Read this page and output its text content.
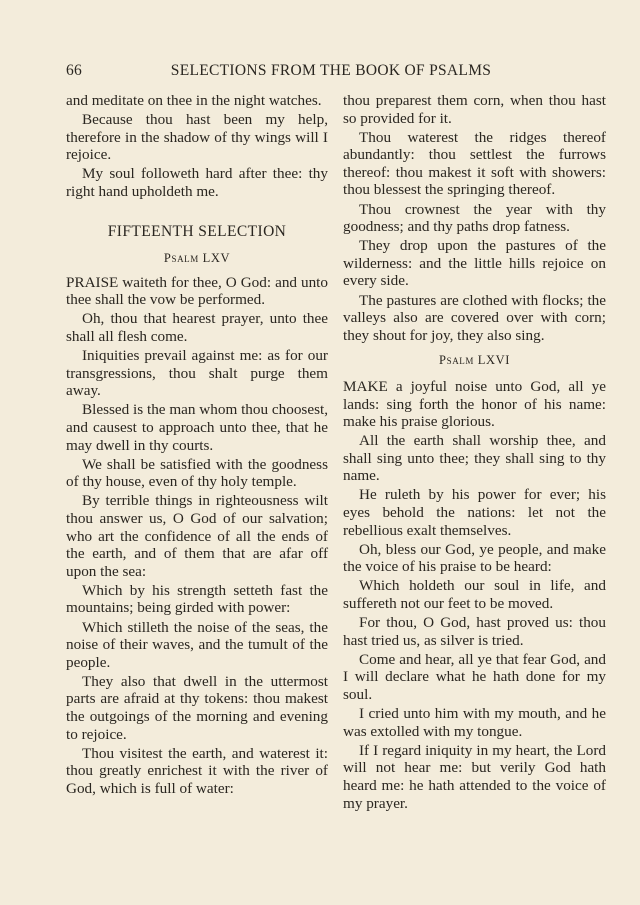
66	SELECTIONS FROM THE BOOK OF PSALMS

and meditate on thee in the night watches.

Because thou hast been my help, therefore in the shadow of thy wings will I rejoice.

My soul followeth hard after thee: thy right hand upholdeth me.

FIFTEENTH SELECTION
Psalm LXV

PRAISE waiteth for thee, O God: and unto thee shall the vow be performed.

Oh, thou that hearest prayer, unto thee shall all flesh come.

Iniquities prevail against me: as for our transgressions, thou shalt purge them away.

Blessed is the man whom thou choosest, and causest to approach unto thee, that he may dwell in thy courts.

We shall be satisfied with the goodness of thy house, even of thy holy temple.

By terrible things in righteousness wilt thou answer us, O God of our salvation; who art the confidence of all the ends of the earth, and of them that are afar off upon the sea:

Which by his strength setteth fast the mountains; being girded with power:

Which stilleth the noise of the seas, the noise of their waves, and the tumult of the people.

They also that dwell in the uttermost parts are afraid at thy tokens: thou makest the outgoings of the morning and evening to rejoice.

Thou visitest the earth, and waterest it: thou greatly enrichest it with the river of God, which is full of water:

thou preparest them corn, when thou hast so provided for it.

Thou waterest the ridges thereof abundantly: thou settlest the furrows thereof: thou makest it soft with showers: thou blessest the springing thereof.

Thou crownest the year with thy goodness; and thy paths drop fatness.

They drop upon the pastures of the wilderness: and the little hills rejoice on every side.

The pastures are clothed with flocks; the valleys also are covered over with corn; they shout for joy, they also sing.

Psalm LXVI

MAKE a joyful noise unto God, all ye lands: sing forth the honor of his name: make his praise glorious.

All the earth shall worship thee, and shall sing unto thee; they shall sing to thy name.

He ruleth by his power for ever; his eyes behold the nations: let not the rebellious exalt themselves.

Oh, bless our God, ye people, and make the voice of his praise to be heard:

Which holdeth our soul in life, and suffereth not our feet to be moved.

For thou, O God, hast proved us: thou hast tried us, as silver is tried.

Come and hear, all ye that fear God, and I will declare what he hath done for my soul.

I cried unto him with my mouth, and he was extolled with my tongue.

If I regard iniquity in my heart, the Lord will not hear me: but verily God hath heard me: he hath attended to the voice of my prayer.
